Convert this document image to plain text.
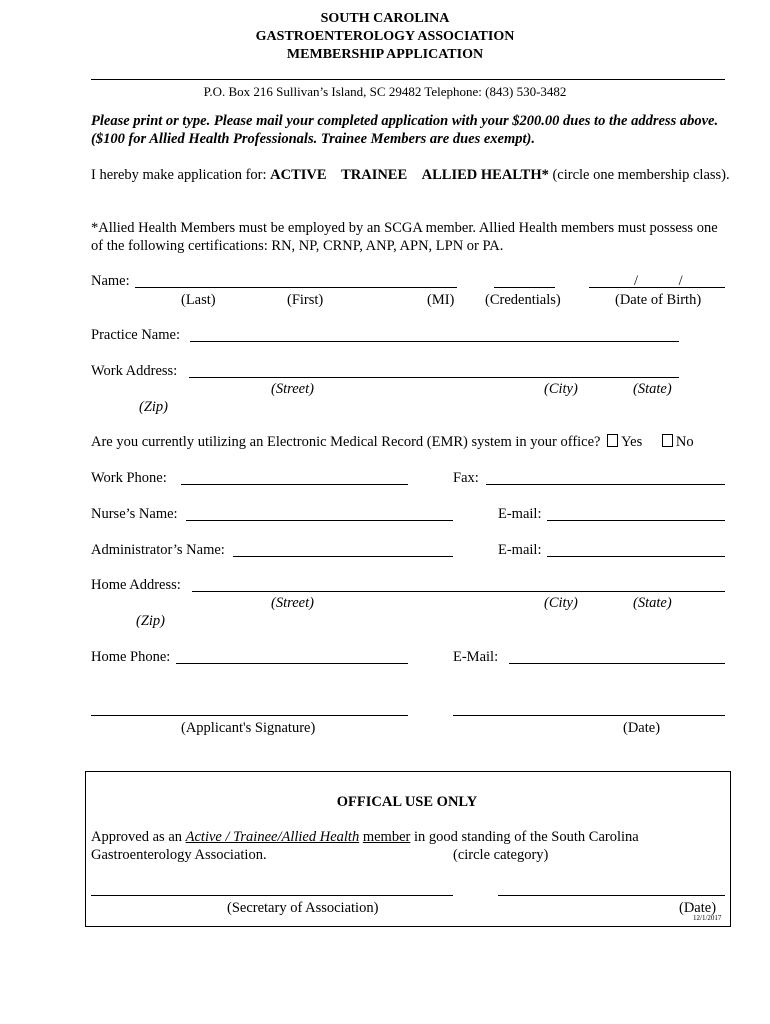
SOUTH CAROLINA
GASTROENTEROLOGY ASSOCIATION
MEMBERSHIP APPLICATION
P.O. Box 216 Sullivan’s Island, SC 29482 Telephone: (843) 530-3482
Please print or type. Please mail your completed application with your $200.00 dues to the address above. ($100 for Allied Health Professionals. Trainee Members are dues exempt).
I hereby make application for: ACTIVE TRAINEE ALLIED HEALTH* (circle one membership class).
*Allied Health Members must be employed by an SCGA member. Allied Health members must possess one of the following certifications: RN, NP, CRNP, ANP, APN, LPN or PA.
Name:	/ /
(Last)	(First)	(MI) (Credentials)	(Date of Birth)
Practice Name:
Work Address:
(Street)	(City)	(State)
(Zip)
Are you currently utilizing an Electronic Medical Record (EMR) system in your office? Yes No
Work Phone:	Fax:
Nurse’s Name:	E-mail:
Administrator’s Name:	E-mail:
Home Address:
(Street)	(City)	(State)
(Zip)
Home Phone:	E-Mail:
(Applicant's Signature)	(Date)
OFFICAL USE ONLY
Approved as an Active / Trainee/Allied Health member in good standing of the South Carolina
Gastroenterology Association.	(circle category)
(Secretary of Association)	(Date)
12/1/2017
